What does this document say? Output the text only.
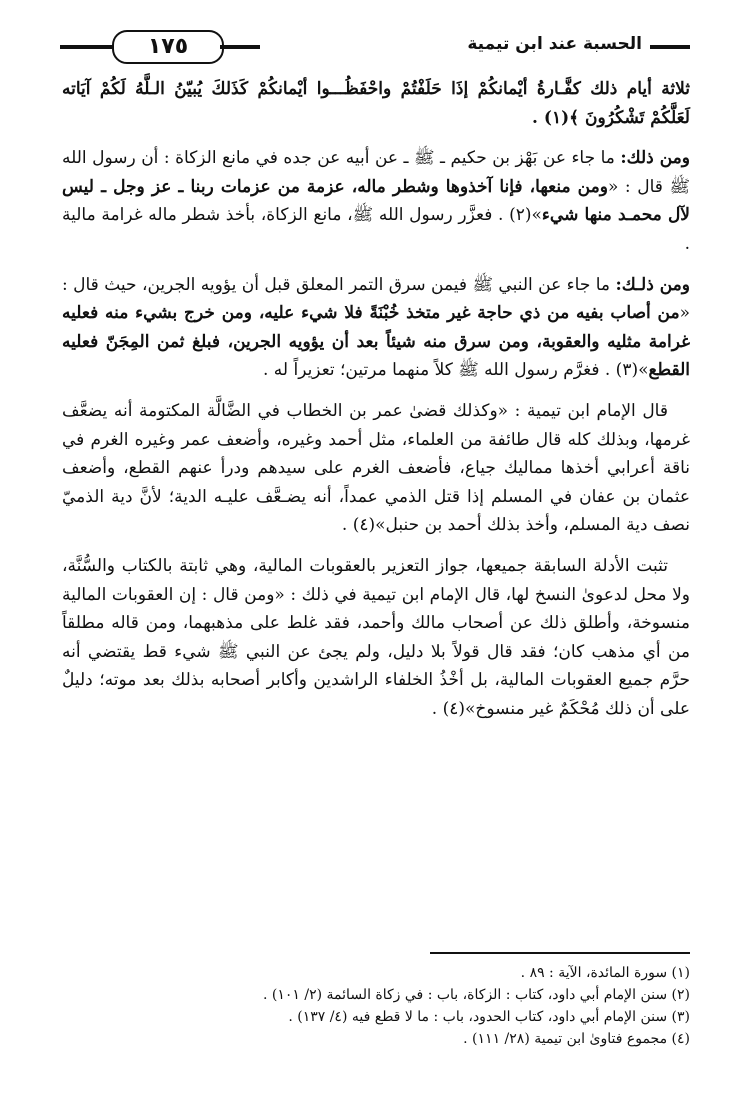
١٧٥	الحسبة عند ابن تيمية

ثلاثة أيام ذلك كفَّـارةُ أيْمانكُمْ إذَا حَلَفْتُمْ واحْفَظُـــوا أيْمانكُمْ كَذَلكَ يُبيّنُ الـلَّهُ لَكُمْ آيَاته لَعَلَّكُمْ تَشْكُرُونَ ﴾(١) .

ومن ذلك: ما جاء عن بَهْز بن حكيم ـ ﷺ ـ عن أبيه عن جده في مانع الزكاة : أن رسول الله ﷺ قال : «ومن منعها، فإنا آخذوها وشطر ماله، عزمة من عزمات ربنا ـ عز وجل ـ ليس لآل محمـد منها شيء»(٢) . فعزَّر رسول الله ﷺ، مانع الزكاة، بأخذ شطر ماله غرامة مالية .

ومن ذلـك: ما جاء عن النبي ﷺ فيمن سرق التمر المعلق قبل أن يؤويه الجرين، حيث قال : «من أصاب بفيه من ذي حاجة غير متخذ خُبْنَةً فلا شيء عليه، ومن خرج بشيء منه فعليه غرامة مثليه والعقوبة، ومن سرق منه شيئاً بعد أن يؤويه الجرين، فبلغ ثمن المِجَنّ فعليه القطع»(٣) . فغرَّم رسول الله ﷺ كلاً منهما مرتين؛ تعزيراً له .

قال الإمام ابن تيمية : «وكذلك قضىٰ عمر بن الخطاب في الضَّالَّة المكتومة أنه يضعَّف غرمها، وبذلك كله قال طائفة من العلماء، مثل أحمد وغيره، وأضعف عمر وغيره الغرم في ناقة أعرابي أخذها مماليك جياع، فأضعف الغرم على سيدهم ودرأ عنهم القطع، وأضعف عثمان بن عفان في المسلم إذا قتل الذمي عمداً، أنه يضـعَّف عليـه الدية؛ لأنَّ دية الذميّ نصف دية المسلم، وأخذ بذلك أحمد بن حنبل»(٤) .

تثبت الأدلة السابقة جميعها، جواز التعزير بالعقوبات المالية، وهي ثابتة بالكتاب والسُّنَّة، ولا محل لدعوىٰ النسخ لها، قال الإمام ابن تيمية في ذلك : «ومن قال : إن العقوبات المالية منسوخة، وأطلق ذلك عن أصحاب مالك وأحمد، فقد غلط على مذهبهما، ومن قاله مطلقاً من أي مذهب كان؛ فقد قال قولاً بلا دليل، ولم يجئ عن النبي ﷺ شيء قط يقتضي أنه حرَّم جميع العقوبات المالية، بل أخْذُ الخلفاء الراشدين وأكابر أصحابه بذلك بعد موته؛ دليلٌ على أن ذلك مُحْكَمٌ غير منسوخ»(٤) .

(١) سورة المائدة، الآية : ٨٩ .
(٢) سنن الإمام أبي داود، كتاب : الزكاة، باب : في زكاة السائمة (٢/ ١٠١) .
(٣) سنن الإمام أبي داود، كتاب الحدود، باب : ما لا قطع فيه (٤/ ١٣٧) .
(٤) مجموع فتاوىٰ ابن تيمية (٢٨/ ١١١) .
